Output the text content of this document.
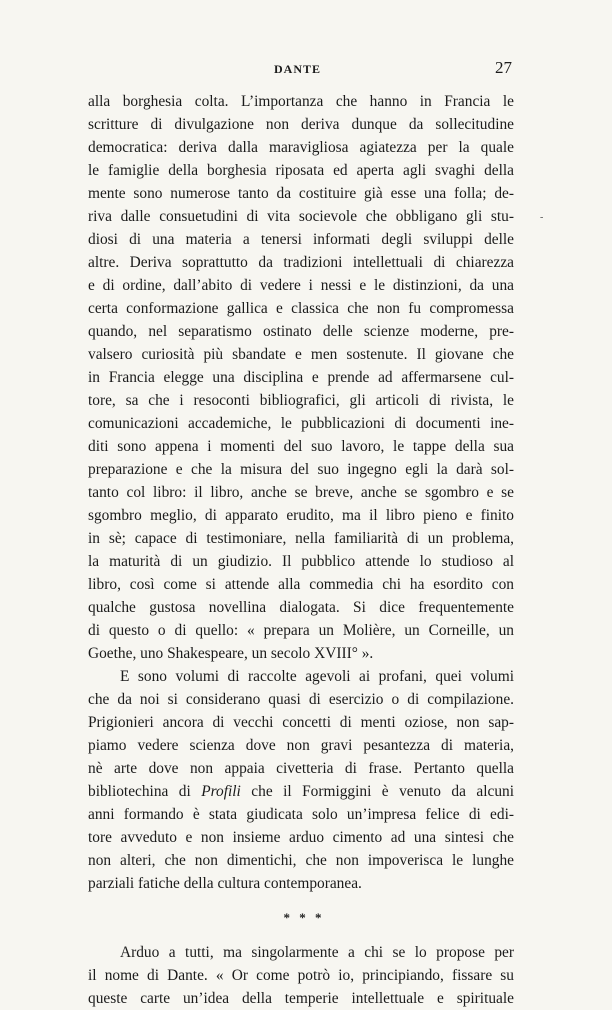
DANTE	27
-
alla borghesia colta. L’importanza che hanno in Francia le
scritture di divulgazione non deriva dunque da sollecitudine
democratica: deriva dalla maravigliosa agiatezza per la quale
le famiglie della borghesia riposata ed aperta agli svaghi della
mente sono numerose tanto da costituire già esse una folla; de-
riva dalle consuetudini di vita socievole che obbligano gli stu-
diosi di una materia a tenersi informati degli sviluppi delle
altre. Deriva soprattutto da tradizioni intellettuali di chiarezza
e di ordine, dall’abito di vedere i nessi e le distinzioni, da una
certa conformazione gallica e classica che non fu compromessa
quando, nel separatismo ostinato delle scienze moderne, pre-
valsero curiosità più sbandate e men sostenute. Il giovane che
in Francia elegge una disciplina e prende ad affermarsene cul-
tore, sa che i resoconti bibliografici, gli articoli di rivista, le
comunicazioni accademiche, le pubblicazioni di documenti ine-
diti sono appena i momenti del suo lavoro, le tappe della sua
preparazione e che la misura del suo ingegno egli la darà sol-
tanto col libro: il libro, anche se breve, anche se sgombro e se
sgombro meglio, di apparato erudito, ma il libro pieno e finito
in sè; capace di testimoniare, nella familiarità di un problema,
la maturità di un giudizio. Il pubblico attende lo studioso al
libro, così come si attende alla commedia chi ha esordito con
qualche gustosa novellina dialogata. Si dice frequentemente
di questo o di quello: « prepara un Molière, un Corneille, un
Goethe, uno Shakespeare, un secolo XVIII° ».
E sono volumi di raccolte agevoli ai profani, quei volumi
che da noi si considerano quasi di esercizio o di compilazione.
Prigionieri ancora di vecchi concetti di menti oziose, non sap-
piamo vedere scienza dove non gravi pesantezza di materia,
nè arte dove non appaia civetteria di frase. Pertanto quella
bibliotechina di Profili che il Formiggini è venuto da alcuni
anni formando è stata giudicata solo un’impresa felice di edi-
tore avveduto e non insieme arduo cimento ad una sintesi che
non alteri, che non dimentichi, che non impoverisca le lunghe
parziali fatiche della cultura contemporanea.
* * *
Arduo a tutti, ma singolarmente a chi se lo propose per
il nome di Dante. « Or come potrò io, principiando, fissare su
queste carte un’idea della temperie intellettuale e spirituale
